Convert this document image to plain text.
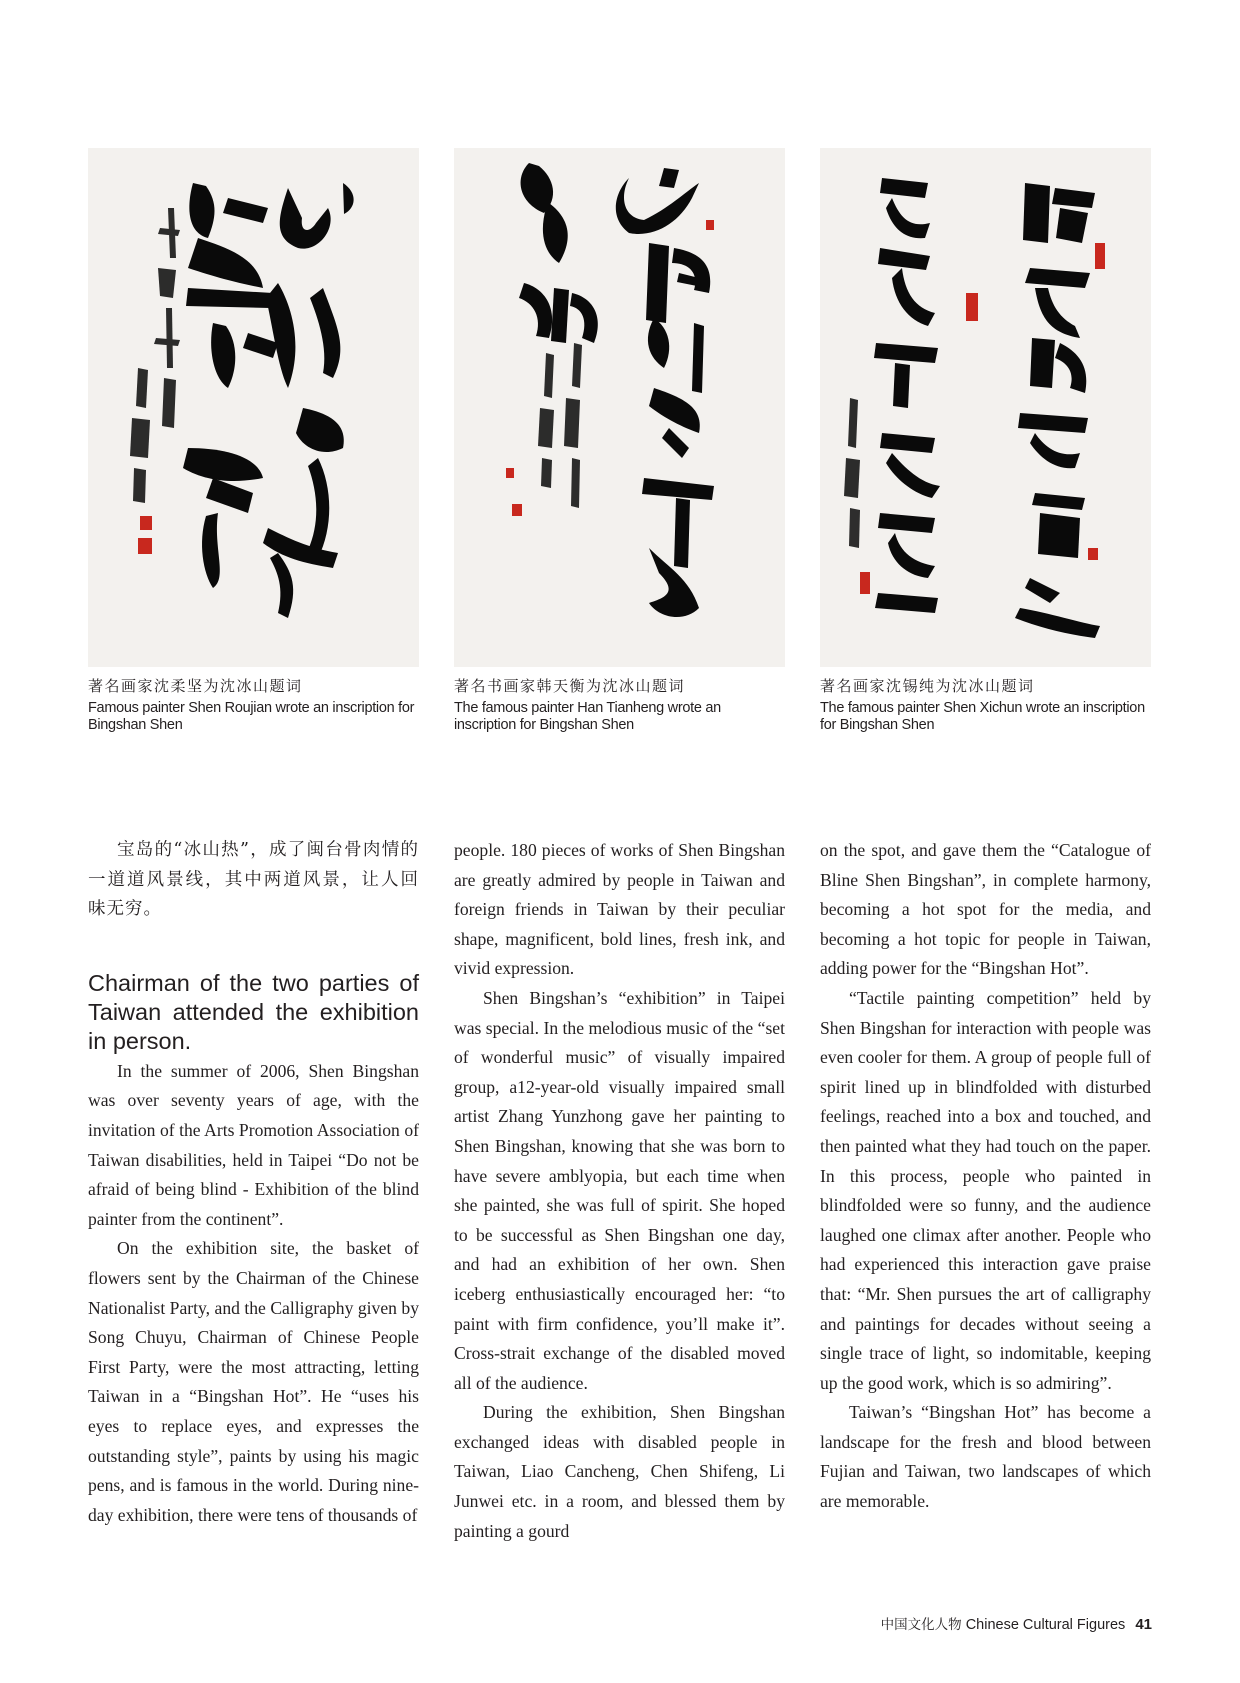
著名画家沈柔坚为沈冰山题词
Famous painter Shen Roujian wrote an inscription for Bingshan Shen
著名书画家韩天衡为沈冰山题词
The famous painter Han Tianheng wrote an inscription for Bingshan Shen
著名画家沈锡纯为沈冰山题词
The famous painter Shen Xichun wrote an inscription for Bingshan Shen

宝岛的“冰山热”，成了闽台骨肉情的一道道风景线，其中两道风景，让人回味无穷。

Chairman of the two parties of Taiwan attended the exhibition in person.

In the summer of 2006, Shen Bingshan was over seventy years of age, with the invitation of the Arts Promotion Association of Taiwan disabilities, held in Taipei “Do not be afraid of being blind - Exhibition of the blind painter from the continent”.

On the exhibition site, the basket of flowers sent by the Chairman of the Chinese Nationalist Party, and the Calligraphy given by Song Chuyu, Chairman of Chinese People First Party, were the most attracting, letting Taiwan in a “Bingshan Hot”. He “uses his eyes to replace eyes, and expresses the outstanding style”, paints by using his magic pens, and is famous in the world. During nine-day exhibition, there were tens of thousands of

people. 180 pieces of works of Shen Bingshan are greatly admired by people in Taiwan and foreign friends in Taiwan by their peculiar shape, magnificent, bold lines, fresh ink, and vivid expression.

Shen Bingshan’s “exhibition” in Taipei was special. In the melodious music of the “set of wonderful music” of visually impaired group, a12-year-old visually impaired small artist Zhang Yunzhong gave her painting to Shen Bingshan, knowing that she was born to have severe amblyopia, but each time when she painted, she was full of spirit. She hoped to be successful as Shen Bingshan one day, and had an exhibition of her own. Shen iceberg enthusiastically encouraged her: “to paint with firm confidence, you’ll make it”. Cross-strait exchange of the disabled moved all of the audience.

During the exhibition, Shen Bingshan exchanged ideas with disabled people in Taiwan, Liao Cancheng, Chen Shifeng, Li Junwei etc. in a room, and blessed them by painting a gourd

on the spot, and gave them the “Catalogue of Bline Shen Bingshan”, in complete harmony, becoming a hot spot for the media, and becoming a hot topic for people in Taiwan, adding power for the “Bingshan Hot”.

“Tactile painting competition” held by Shen Bingshan for interaction with people was even cooler for them. A group of people full of spirit lined up in blindfolded with disturbed feelings, reached into a box and touched, and then painted what they had touch on the paper. In this process, people who painted in blindfolded were so funny, and the audience laughed one climax after another. People who had experienced this interaction gave praise that: “Mr. Shen pursues the art of calligraphy and paintings for decades without seeing a single trace of light, so indomitable, keeping up the good work, which is so admiring”.

Taiwan’s “Bingshan Hot” has become a landscape for the fresh and blood between Fujian and Taiwan, two landscapes of which are memorable.

中国文化人物 Chinese Cultural Figures 41
